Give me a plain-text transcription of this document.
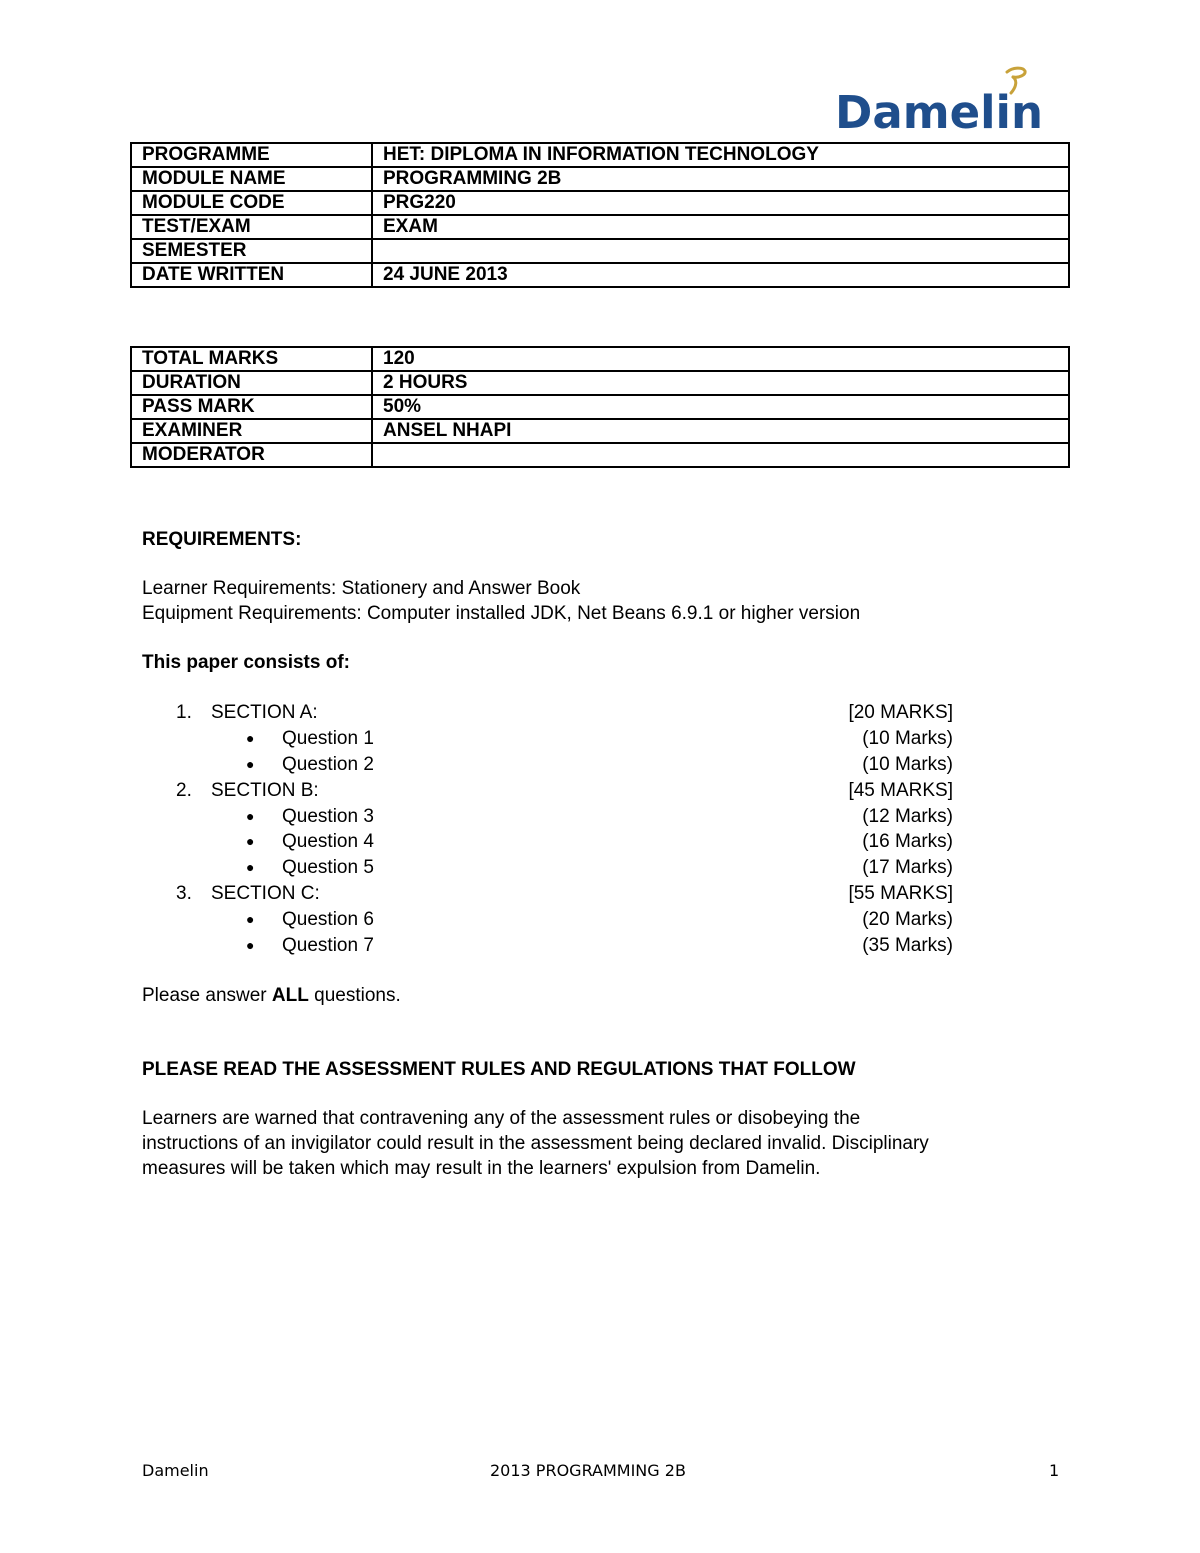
Damelin
PROGRAMME	HET: DIPLOMA IN INFORMATION TECHNOLOGY
MODULE NAME	PROGRAMMING 2B
MODULE CODE	PRG220
TEST/EXAM	EXAM
SEMESTER	
DATE WRITTEN	24 JUNE 2013
TOTAL MARKS	120
DURATION	2 HOURS
PASS MARK	50%
EXAMINER	ANSEL NHAPI
MODERATOR	
REQUIREMENTS:
Learner Requirements: Stationery and Answer Book
Equipment Requirements: Computer installed JDK, Net Beans 6.9.1 or higher version
This paper consists of:
1. SECTION A:	[20 MARKS]
● Question 1	(10 Marks)
● Question 2	(10 Marks)
2. SECTION B:	[45 MARKS]
● Question 3	(12 Marks)
● Question 4	(16 Marks)
● Question 5	(17 Marks)
3. SECTION C:	[55 MARKS]
● Question 6	(20 Marks)
● Question 7	(35 Marks)
Please answer ALL questions.
PLEASE READ THE ASSESSMENT RULES AND REGULATIONS THAT FOLLOW
Learners are warned that contravening any of the assessment rules or disobeying the
instructions of an invigilator could result in the assessment being declared invalid. Disciplinary
measures will be taken which may result in the learners' expulsion from Damelin.
Damelin	2013 PROGRAMMING 2B	1
